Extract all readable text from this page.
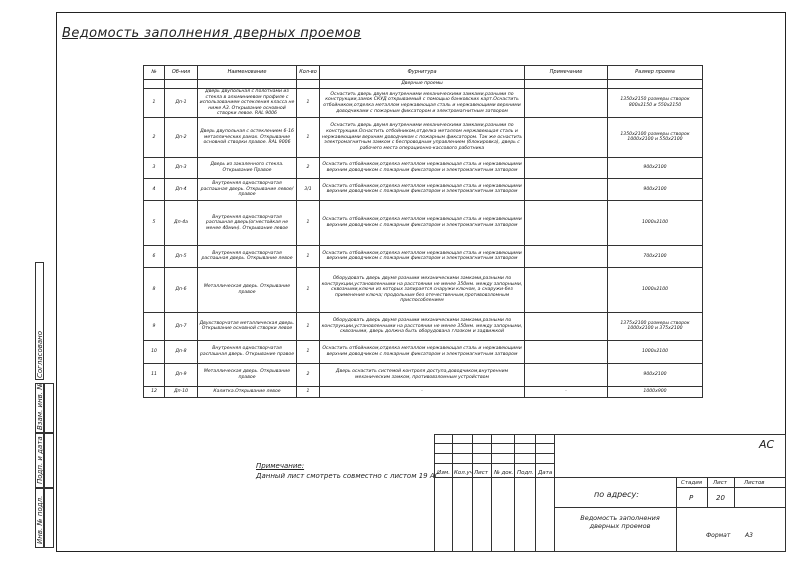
Ведомость заполнения дверных проемов
№	Об-ния	Наименование	Кол-во	Фурнитура	Примечание	Размер проема
				Дверные проемы		
1	Дп-1	Дверь двупольная с полотнами из стекла в алюминиевом профиле с использованием остекления класса не ниже А3. Открывание основной створки левое. RAL 9006	1	Оснастить дверь двумя внутренними механическими замками,разными по конструкции,замок СКУД открываемый с помощью банковских карт.Оснастить отбойником,отделка металлом нержавеющая сталь и нержавеющими верхними доводчиками с пожарным фиксатором и электромагнитным затвором		1350х2150 размеры створок 800х2150 и 550х2150
2	Дп-2	Дверь двупольная с остеклением 6-16 металлических рамах. Открывание основной створки правое. RAL 9006	1	Оснастить дверь двумя внутренними механическими замками,разными по конструкции.Оснастить отбойником,отделка металлом нержавеющая сталь и нержавеющими верхним доводчиком с пожарным фиксатором. Так же оснастить электромагнитным замком с беспроводным управлением (блокировка), дверь с рабочего места операционно-кассового работника		1350х2100 размеры створок 1000х2100 и 550х2100
3	Дп-3	Дверь из закаленного стекла. Открывание Правое	2	Оснастить отбойником,отделка металлом нержавеющая сталь и нержавеющими верхним доводчиком с пожарным фиксатором и электромагнитным затвором		900х2100
4	Дп-4	Внутренняя одностворчатая распашная дверь. Открывание левое/ правое	3/1	Оснастить отбойником,отделка металлом нержавеющая сталь и нержавеющими верхним доводчиком с пожарным фиксатором и электромагнитным затвором		900х2100
5	Дп-4а	Внутренняя одностворчатая распашная дверь(огнестойкая не менее 40мин). Открывание левое	1	Оснастить отбойником,отделка металлом нержавеющая сталь и нержавеющими верхним доводчиком с пожарным фиксатором и электромагнитным затвором		1000х2100
6	Дп-5	Внутренняя одностворчатая распашная дверь. Открывание левое	1	Оснастить отбойником,отделка металлом нержавеющая сталь и нержавеющими верхним доводчиком с пожарным фиксатором и электромагнитным затвором		700х2100
8	Дп-6	Металлическая дверь. Открывание правое	1	Оборудовать дверь двумя разными механическими замками,разными по конструкции,установленными на расстоянии не менее 350мм. между запорными, сквозными,ключи из которых запирается снаружи ключом, а снаружи-без применения ключа; продольным без отечественным,противовзломным приспособлением		1000х2100
9	Дп-7	Двухстворчатая металлическая дверь. Открывание основной створки левое	1	Оборудовать дверь двумя разными механическими замками,разными по конструкции,установленными на расстоянии не менее 350мм. между запорными, сквозными, дверь должна быть оборудована глазком и задвижкой		1375х2100 размеры створок 1000х2100 и 375х2100
10	Дп-8	Внутренняя одностворчатая распашная дверь. Открывание правое	1	Оснастить отбойником,отделка металлом нержавеющая сталь и нержавеющими верхним доводчиком с пожарным фиксатором и электромагнитным затвором		1000х2100
11	Дп-9	Металлическая дверь. Открывание правое	2	Дверь оснастить системой контроля доступа,доводчиком,внутренним механическим замком, противовзломным устройством		900х2100
12	Дп-10	Калитка.Открывание левое	1	-	-	1000х900
Согласовано
Взам. инв. №
Подп. и дата
Инв. № подл.
Примечание:
Данный лист смотреть совместно с листом 19 АС
Изм. Кол.уч Лист № док. Подп. Дата
АС
по адресу:
Стадия Лист	Листов
Р	20
Ведомость заполнения дверных проемов
Формат А3
